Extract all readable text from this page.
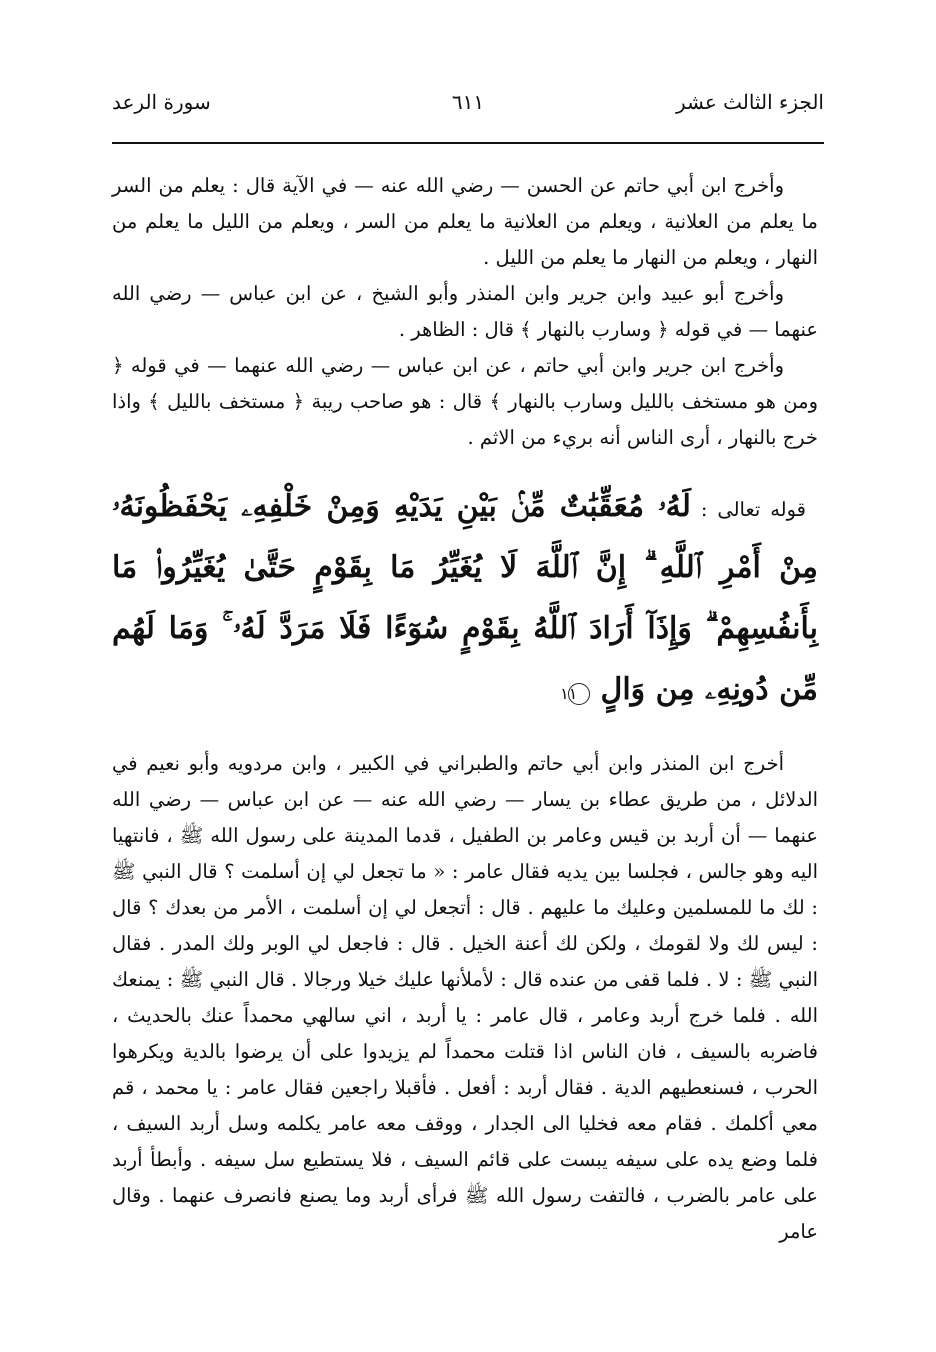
الجزء الثالث عشر
٦١١
سورة الرعد

وأخرج ابن أبي حاتم عن الحسن — رضي الله عنه — في الآية قال : يعلم من السر ما يعلم من العلانية ، ويعلم من العلانية ما يعلم من السر ، ويعلم من الليل ما يعلم من النهار ، ويعلم من النهار ما يعلم من الليل .

وأخرج أبو عبيد وابن جرير وابن المنذر وأبو الشيخ ، عن ابن عباس — رضي الله عنهما — في قوله ﴿ وسارب بالنهار ﴾ قال : الظاهر .

وأخرج ابن جرير وابن أبي حاتم ، عن ابن عباس — رضي الله عنهما — في قوله ﴿ ومن هو مستخف بالليل وسارب بالنهار ﴾ قال : هو صاحب ريبة ﴿ مستخف بالليل ﴾ واذا خرج بالنهار ، أرى الناس أنه بريء من الاثم .

قوله تعالى : لَهُۥ مُعَقِّبَٰتٌ مِّنۢ بَيْنِ يَدَيْهِ وَمِنْ خَلْفِهِۦ يَحْفَظُونَهُۥ مِنْ أَمْرِ ٱللَّهِ ۗ إِنَّ ٱللَّهَ لَا يُغَيِّرُ مَا بِقَوْمٍ حَتَّىٰ يُغَيِّرُوا۟ مَا بِأَنفُسِهِمْ ۗ وَإِذَآ أَرَادَ ٱللَّهُ بِقَوْمٍ سُوٓءًا فَلَا مَرَدَّ لَهُۥ ۚ وَمَا لَهُم مِّن دُونِهِۦ مِن وَالٍ ١١

أخرج ابن المنذر وابن أبي حاتم والطبراني في الكبير ، وابن مردويه وأبو نعيم في الدلائل ، من طريق عطاء بن يسار — رضي الله عنه — عن ابن عباس — رضي الله عنهما — أن أربد بن قيس وعامر بن الطفيل ، قدما المدينة على رسول الله ﷺ ، فانتهيا اليه وهو جالس ، فجلسا بين يديه فقال عامر : « ما تجعل لي إن أسلمت ؟ قال النبي ﷺ : لك ما للمسلمين وعليك ما عليهم . قال : أتجعل لي إن أسلمت ، الأمر من بعدك ؟ قال : ليس لك ولا لقومك ، ولكن لك أعنة الخيل . قال : فاجعل لي الوبر ولك المدر . فقال النبي ﷺ : لا . فلما قفى من عنده قال : لأملأنها عليك خيلا ورجالا . قال النبي ﷺ : يمنعك الله . فلما خرج أربد وعامر ، قال عامر : يا أربد ، اني سالهي محمداً عنك بالحديث ، فاضربه بالسيف ، فان الناس اذا قتلت محمداً لم يزيدوا على أن يرضوا بالدية ويكرهوا الحرب ، فسنعطيهم الدية . فقال أربد : أفعل . فأقبلا راجعين فقال عامر : يا محمد ، قم معي أكلمك . فقام معه فخليا الى الجدار ، ووقف معه عامر يكلمه وسل أربد السيف ، فلما وضع يده على سيفه يبست على قائم السيف ، فلا يستطيع سل سيفه . وأبطأ أربد على عامر بالضرب ، فالتفت رسول الله ﷺ فرأى أربد وما يصنع فانصرف عنهما . وقال عامر
